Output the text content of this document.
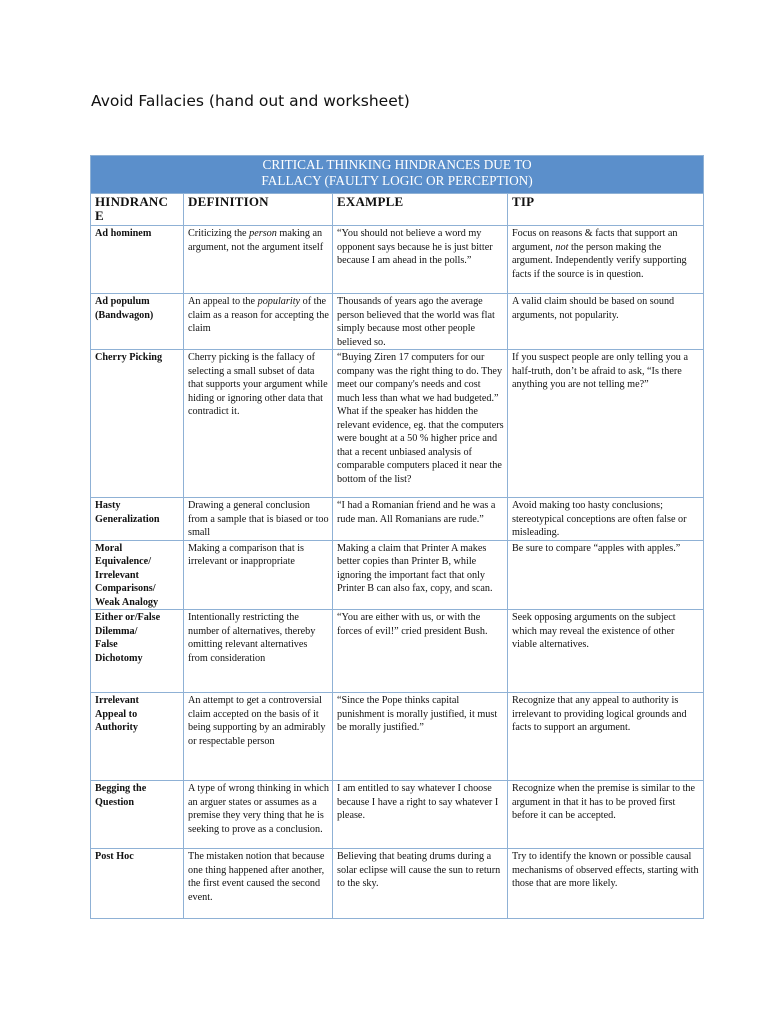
Avoid Fallacies (hand out and worksheet)
CRITICAL THINKING HINDRANCES DUE TO
FALLACY (FAULTY LOGIC OR PERCEPTION)			

HINDRANC
E	DEFINITION	EXAMPLE	TIP

Ad hominem	Criticizing the person making an argument, not the argument itself	“You should not believe a word my opponent says because he is just bitter because I am ahead in the polls.”	Focus on reasons & facts that support an argument, not the person making the argument. Independently verify supporting facts if the source is in question.

Ad populum
(Bandwagon)	An appeal to the popularity of the claim as a reason for accepting the claim	Thousands of years ago the average person believed that the world was flat simply because most other people believed so.	A valid claim should be based on sound arguments, not popularity.

Cherry Picking	Cherry picking is the fallacy of selecting a small subset of data that supports your argument while hiding or ignoring other data that contradict it.	“Buying Ziren 17 computers for our company was the right thing to do. They meet our company's needs and cost much less than what we had budgeted.” What if the speaker has hidden the relevant evidence, eg. that the computers were bought at a 50 % higher price and that a recent unbiased analysis of comparable computers placed it near the bottom of the list?	If you suspect people are only telling you a half-truth, don’t be afraid to ask, “Is there anything you are not telling me?”

Hasty
Generalization	Drawing a general conclusion from a sample that is biased or too small	“I had a Romanian friend and he was a rude man. All Romanians are rude.”	Avoid making too hasty conclusions; stereotypical conceptions are often false or misleading.

Moral
Equivalence/
Irrelevant
Comparisons/
Weak Analogy	Making a comparison that is irrelevant or inappropriate	Making a claim that Printer A makes better copies than Printer B, while ignoring the important fact that only Printer B can also fax, copy, and scan.	Be sure to compare “apples with apples.”

Either or/False
Dilemma/
False
Dichotomy	Intentionally restricting the number of alternatives, thereby omitting relevant alternatives from consideration	“You are either with us, or with the forces of evil!” cried president Bush.	Seek opposing arguments on the subject which may reveal the existence of other viable alternatives.

Irrelevant
Appeal to
Authority	An attempt to get a controversial claim accepted on the basis of it being supporting by an admirably or respectable person	“Since the Pope thinks capital punishment is morally justified, it must be morally justified.”	Recognize that any appeal to authority is irrelevant to providing logical grounds and facts to support an argument.

Begging the
Question	A type of wrong thinking in which an arguer states or assumes as a premise they very thing that he is seeking to prove as a conclusion.	I am entitled to say whatever I choose because I have a right to say whatever I please.	Recognize when the premise is similar to the argument in that it has to be proved first before it can be accepted.

Post Hoc	The mistaken notion that because one thing happened after another, the first event caused the second event.	Believing that beating drums during a solar eclipse will cause the sun to return to the sky.	Try to identify the known or possible causal mechanisms of observed effects, starting with those that are more likely.
